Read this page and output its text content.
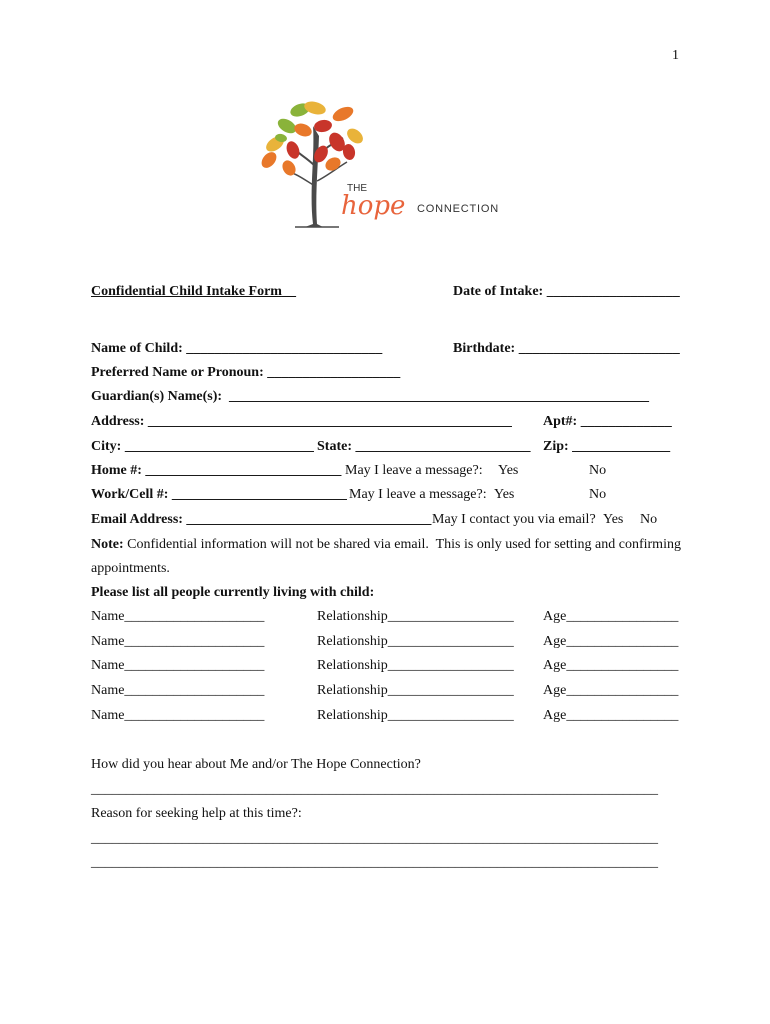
1
THE
hope CONNECTION
Confidential Child Intake Form__	Date of Intake: ___________________
Name of Child: ____________________________	Birthdate: _______________________
Preferred Name or Pronoun: ___________________
Guardian(s) Name(s):  ____________________________________________________________
Address: ____________________________________________________ Apt#: _____________
City: ___________________________ State: _________________________ Zip: ______________
Home #: ____________________________ May I leave a message?: Yes	No
Work/Cell #: _________________________ May I leave a message?: Yes	No
Email Address: ___________________________________ May I contact you via email? Yes No
Note: Confidential information will not be shared via email.  This is only used for setting and confirming
appointments.
Please list all people currently living with child:
Name____________________	Relationship__________________ Age________________
Name____________________	Relationship__________________ Age________________
Name____________________	Relationship__________________ Age________________
Name____________________	Relationship__________________ Age________________
Name____________________	Relationship__________________ Age________________
How did you hear about Me and/or The Hope Connection?
_________________________________________________________________________________
Reason for seeking help at this time?:
_________________________________________________________________________________
_________________________________________________________________________________
